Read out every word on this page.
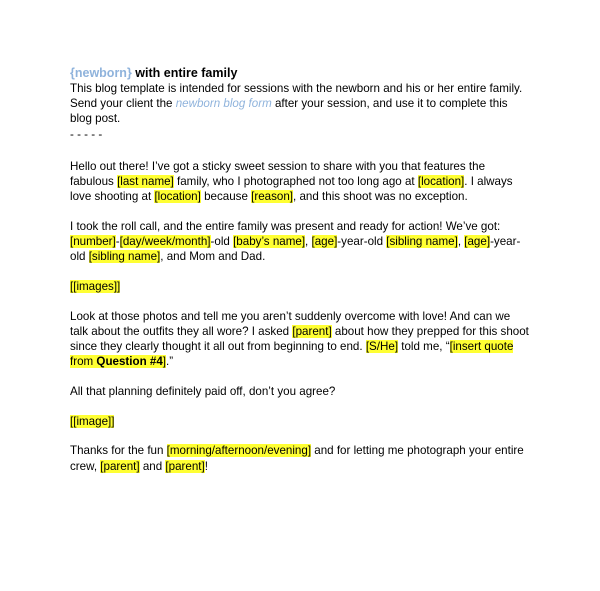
{newborn} with entire family

This blog template is intended for sessions with the newborn and his or her entire family. Send your client the newborn blog form after your session, and use it to complete this blog post.

- - - - -

Hello out there! I’ve got a sticky sweet session to share with you that features the fabulous [last name] family, who I photographed not too long ago at [location]. I always love shooting at [location] because [reason], and this shoot was no exception.

I took the roll call, and the entire family was present and ready for action! We’ve got: [number]-[day/week/month]-old [baby’s name], [age]-year-old [sibling name], [age]-year-old [sibling name], and Mom and Dad.

[[images]]

Look at those photos and tell me you aren’t suddenly overcome with love! And can we talk about the outfits they all wore? I asked [parent] about how they prepped for this shoot since they clearly thought it all out from beginning to end. [S/He] told me, “[insert quote from Question #4].”

All that planning definitely paid off, don’t you agree?

[[image]]

Thanks for the fun [morning/afternoon/evening] and for letting me photograph your entire crew, [parent] and [parent]!
